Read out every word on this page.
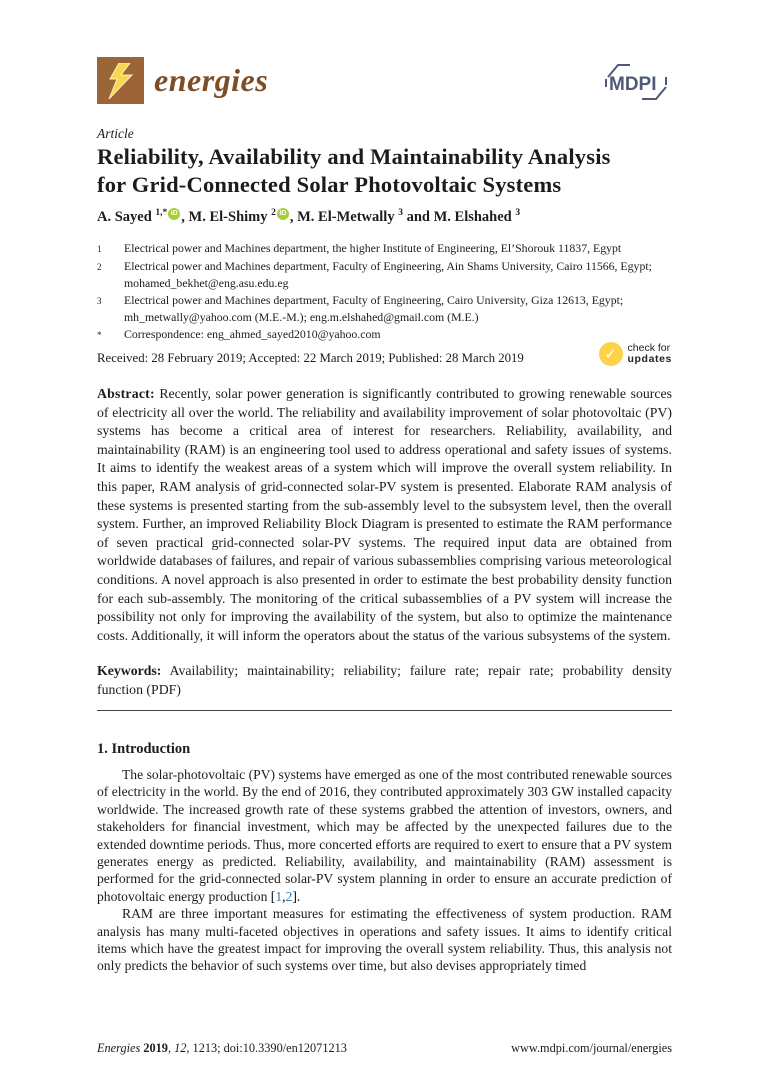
energies	MDPI
Article
Reliability, Availability and Maintainability Analysis
for Grid-Connected Solar Photovoltaic Systems
A. Sayed $^{1,*}$ iD , M. El-Shimy $^2$ iD , M. El-Metwally $^3$ and M. Elshahed $^3$
1	Electrical power and Machines department, the higher Institute of Engineering, El’Shorouk 11837, Egypt
2	Electrical power and Machines department, Faculty of Engineering, Ain Shams University, Cairo 11566, Egypt; mohamed_bekhet@eng.asu.edu.eg
3	Electrical power and Machines department, Faculty of Engineering, Cairo University, Giza 12613, Egypt; mh_metwally@yahoo.com (M.E.-M.); eng.m.elshahed@gmail.com (M.E.)
*	Correspondence: eng_ahmed_sayed2010@yahoo.com
Received: 28 February 2019; Accepted: 22 March 2019; Published: 28 March 2019	✓ check for
updates
Abstract: Recently, solar power generation is significantly contributed to growing renewable sources of electricity all over the world. The reliability and availability improvement of solar photovoltaic (PV) systems has become a critical area of interest for researchers. Reliability, availability, and maintainability (RAM) is an engineering tool used to address operational and safety issues of systems. It aims to identify the weakest areas of a system which will improve the overall system reliability. In this paper, RAM analysis of grid-connected solar-PV system is presented. Elaborate RAM analysis of these systems is presented starting from the sub-assembly level to the subsystem level, then the overall system. Further, an improved Reliability Block Diagram is presented to estimate the RAM performance of seven practical grid-connected solar-PV systems. The required input data are obtained from worldwide databases of failures, and repair of various subassemblies comprising various meteorological conditions. A novel approach is also presented in order to estimate the best probability density function for each sub-assembly. The monitoring of the critical subassemblies of a PV system will increase the possibility not only for improving the availability of the system, but also to optimize the maintenance costs. Additionally, it will inform the operators about the status of the various subsystems of the system.
Keywords: Availability; maintainability; reliability; failure rate; repair rate; probability density function (PDF)
1. Introduction

The solar-photovoltaic (PV) systems have emerged as one of the most contributed renewable sources of electricity in the world. By the end of 2016, they contributed approximately 303 GW installed capacity worldwide. The increased growth rate of these systems grabbed the attention of investors, owners, and stakeholders for financial investment, which may be affected by the unexpected failures due to the extended downtime periods. Thus, more concerted efforts are required to exert to ensure that a PV system generates energy as predicted. Reliability, availability, and maintainability (RAM) assessment is performed for the grid-connected solar-PV system planning in order to ensure an accurate prediction of photovoltaic energy production [1,2].

RAM are three important measures for estimating the effectiveness of system production. RAM analysis has many multi-faceted objectives in operations and safety issues. It aims to identify critical items which have the greatest impact for improving the overall system reliability. Thus, this analysis not only predicts the behavior of such systems over time, but also devises appropriately timed

Energies 2019, 12, 1213; doi:10.3390/en12071213	www.mdpi.com/journal/energies
